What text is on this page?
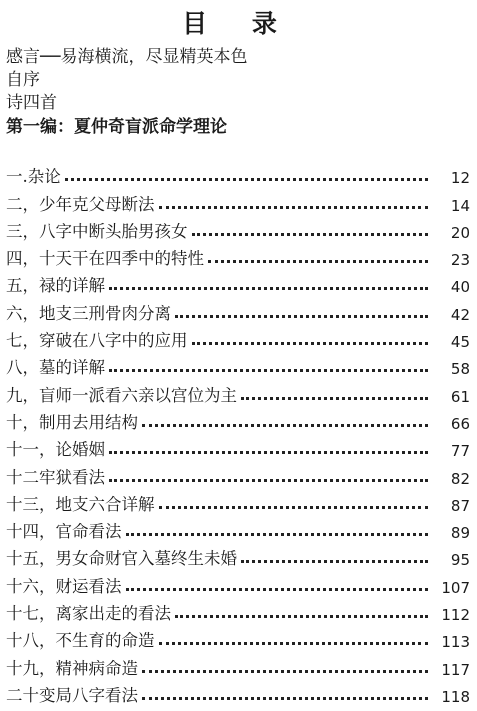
目 录
感言──易海横流，尽显精英本色
自序
诗四首
第一编：夏仲奇盲派命学理论
一. 杂论	12
二， 少年克父母断法	14
三， 八字中断头胎男孩女	20
四， 十天干在四季中的特性	23
五， 禄的详解	40
六， 地支三刑骨肉分离	42
七， 穿破在八字中的应用	45
八， 墓的详解	58
九， 盲师一派看六亲以宫位为主	61
十， 制用去用结构	66
十一， 论婚姻	77
十二 牢狱看法	82
十三， 地支六合详解	87
十四， 官命看法	89
十五， 男女命财官入墓终生未婚	95
十六， 财运看法	107
十七， 离家出走的看法	112
十八， 不生育的命造	113
十九， 精神病命造	117
二十 变局八字看法	118
